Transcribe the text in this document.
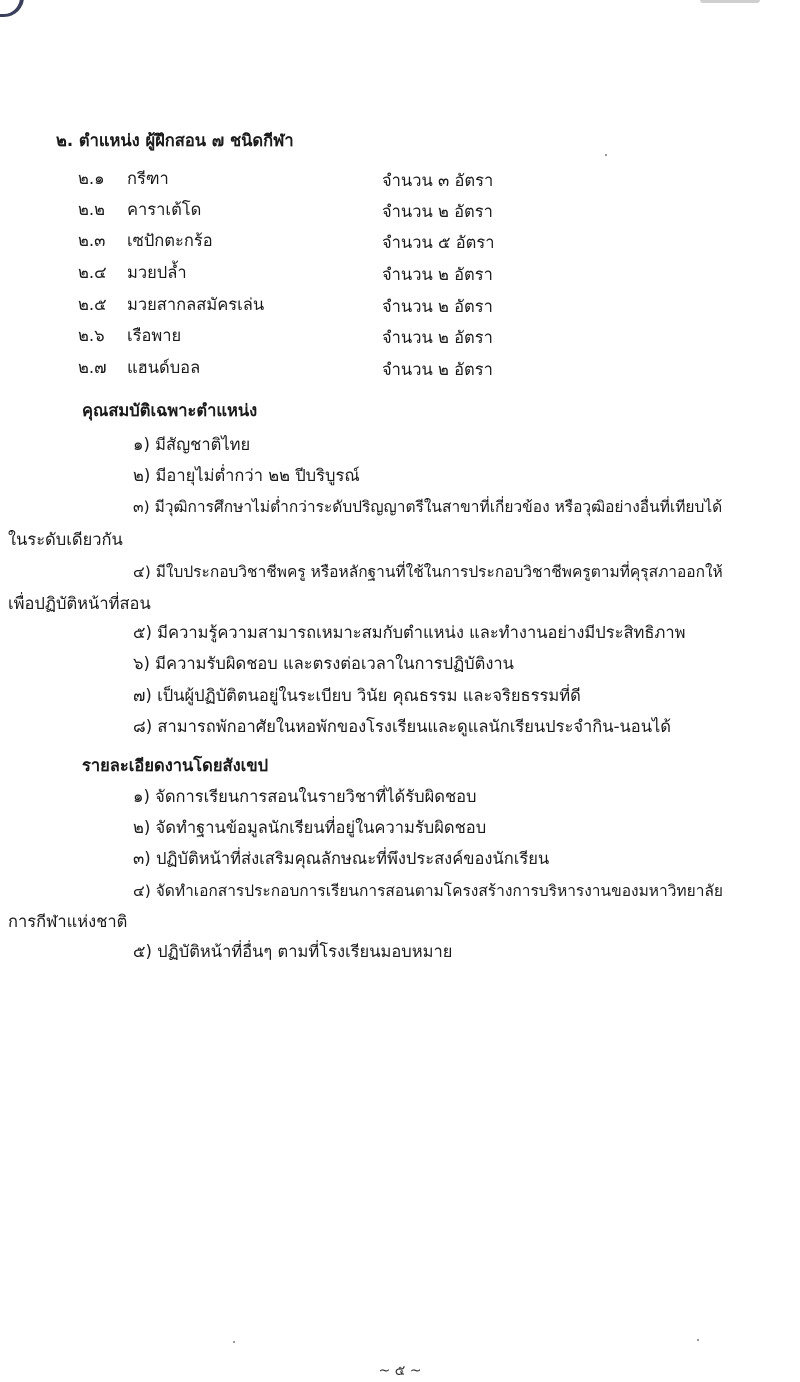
๒. ตำแหน่ง ผู้ฝึกสอน ๗ ชนิดกีฬา
๒.๑ กรีฑา	จำนวน ๓ อัตรา
๒.๒ คาราเต้โด	จำนวน ๒ อัตรา
๒.๓ เซปักตะกร้อ	จำนวน ๕ อัตรา
๒.๔ มวยปล้ำ	จำนวน ๒ อัตรา
๒.๕ มวยสากลสมัครเล่น	จำนวน ๒ อัตรา
๒.๖ เรือพาย	จำนวน ๒ อัตรา
๒.๗ แฮนด์บอล	จำนวน ๒ อัตรา
คุณสมบัติเฉพาะตำแหน่ง
๑) มีสัญชาติไทย
๒) มีอายุไม่ต่ำกว่า ๒๒ ปีบริบูรณ์
๓) มีวุฒิการศึกษาไม่ต่ำกว่าระดับปริญญาตรีในสาขาที่เกี่ยวข้อง หรือวุฒิอย่างอื่นที่เทียบได้
ในระดับเดียวกัน
๔) มีใบประกอบวิชาชีพครู หรือหลักฐานที่ใช้ในการประกอบวิชาชีพครูตามที่คุรุสภาออกให้
เพื่อปฏิบัติหน้าที่สอน
๕) มีความรู้ความสามารถเหมาะสมกับตำแหน่ง และทำงานอย่างมีประสิทธิภาพ
๖) มีความรับผิดชอบ และตรงต่อเวลาในการปฏิบัติงาน
๗) เป็นผู้ปฏิบัติตนอยู่ในระเบียบ วินัย คุณธรรม และจริยธรรมที่ดี
๘) สามารถพักอาศัยในหอพักของโรงเรียนและดูแลนักเรียนประจำกิน-นอนได้
รายละเอียดงานโดยสังเขป
๑) จัดการเรียนการสอนในรายวิชาที่ได้รับผิดชอบ
๒) จัดทำฐานข้อมูลนักเรียนที่อยู่ในความรับผิดชอบ
๓) ปฏิบัติหน้าที่ส่งเสริมคุณลักษณะที่พึงประสงค์ของนักเรียน
๔) จัดทำเอกสารประกอบการเรียนการสอนตามโครงสร้างการบริหารงานของมหาวิทยาลัย
การกีฬาแห่งชาติ
๕) ปฏิบัติหน้าที่อื่นๆ ตามที่โรงเรียนมอบหมาย
~ ๕ ~
